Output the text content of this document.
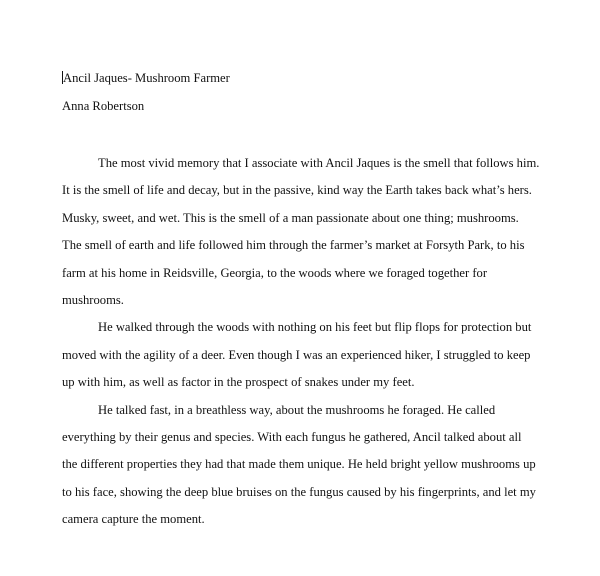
Ancil Jaques- Mushroom Farmer
Anna Robertson

The most vivid memory that I associate with Ancil Jaques is the smell that follows him. It is the smell of life and decay, but in the passive, kind way the Earth takes back what’s hers. Musky, sweet, and wet. This is the smell of a man passionate about one thing; mushrooms. The smell of earth and life followed him through the farmer’s market at Forsyth Park, to his farm at his home in Reidsville, Georgia, to the woods where we foraged together for mushrooms.

He walked through the woods with nothing on his feet but flip flops for protection but moved with the agility of a deer. Even though I was an experienced hiker, I struggled to keep up with him, as well as factor in the prospect of snakes under my feet.

He talked fast, in a breathless way, about the mushrooms he foraged. He called everything by their genus and species. With each fungus he gathered, Ancil talked about all the different properties they had that made them unique. He held bright yellow mushrooms up to his face, showing the deep blue bruises on the fungus caused by his fingerprints, and let my camera capture the moment.
